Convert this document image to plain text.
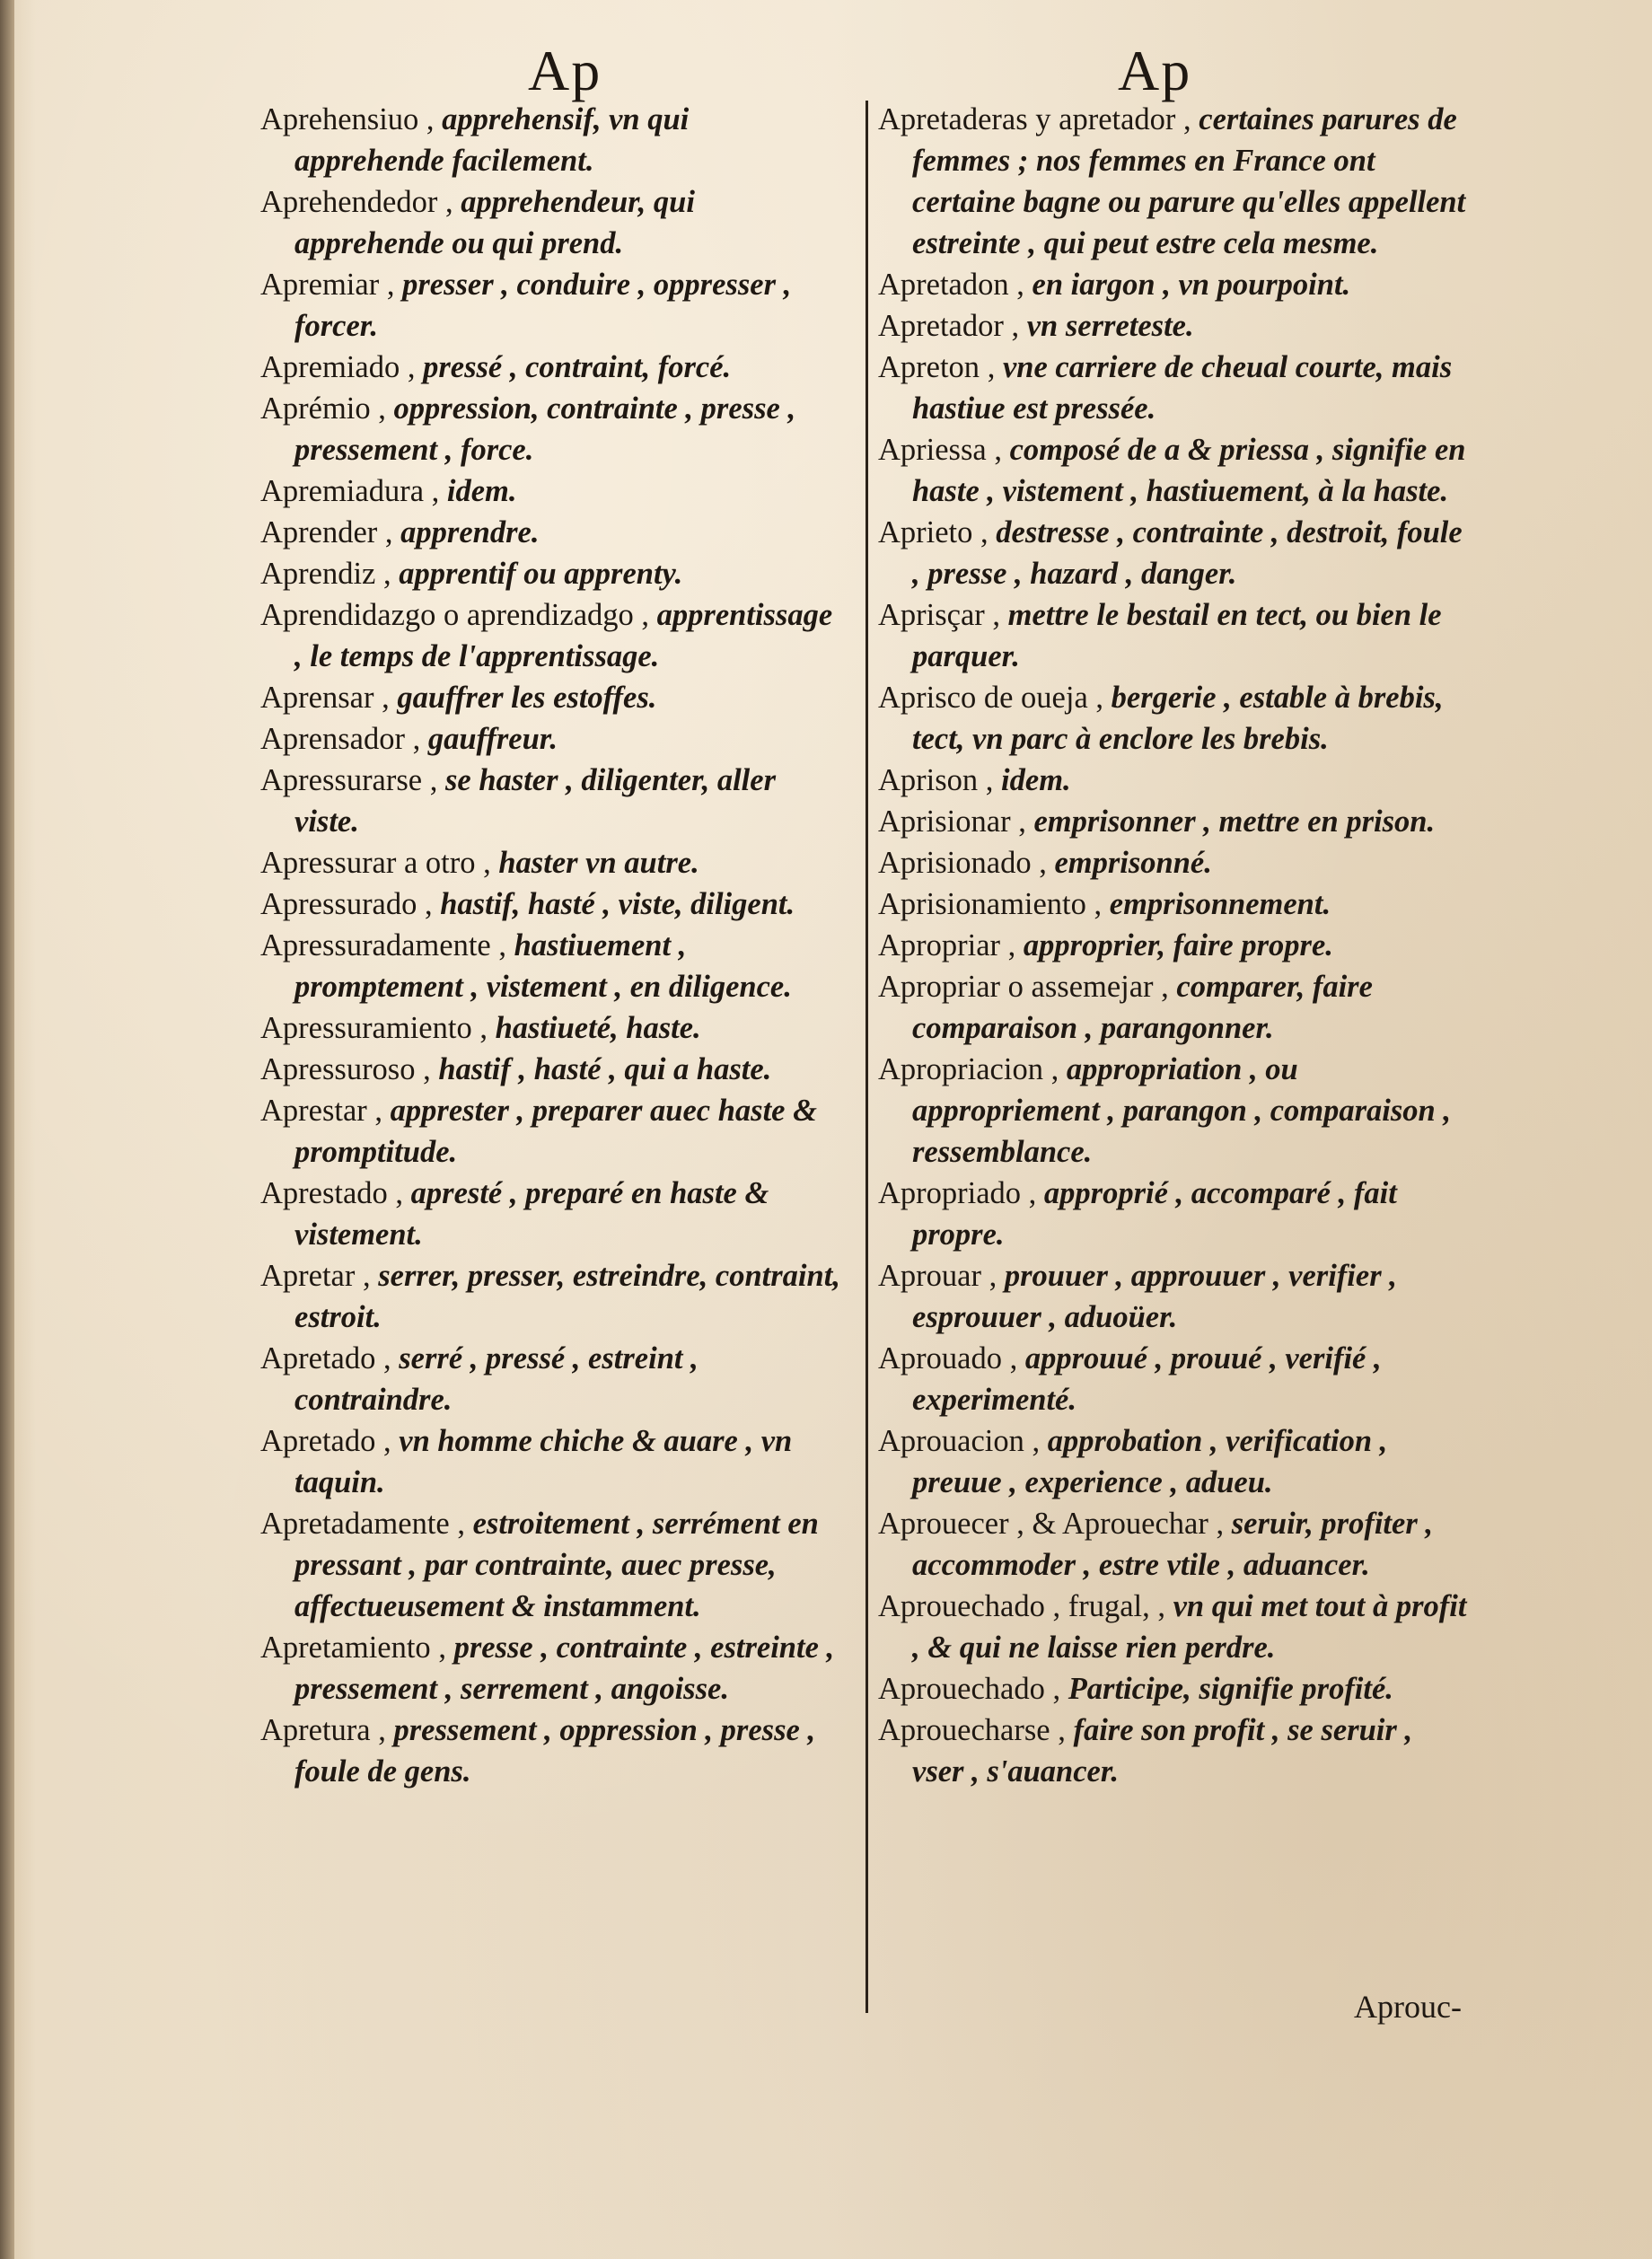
Ap	Ap

Aprehensiuo , apprehensif, vn qui apprehende facilement.

Aprehendedor , apprehendeur, qui apprehende ou qui prend.

Apremiar , presser , conduire , oppresser , forcer.

Apremiado , pressé , contraint, forcé.

Aprémio , oppression, contrainte , presse , pressement , force.

Apremiadura , idem.

Aprender , apprendre.

Aprendiz , apprentif ou apprenty.

Aprendidazgo o aprendizadgo , apprentissage , le temps de l'apprentissage.

Aprensar , gauffrer les estoffes.

Aprensador , gauffreur.

Apressurarse , se haster , diligenter, aller viste.

Apressurar a otro , haster vn autre.

Apressurado , hastif, hasté , viste, diligent.

Apressuradamente , hastiuement , promptement , vistement , en diligence.

Apressuramiento , hastiueté, haste.

Apressuroso , hastif , hasté , qui a haste.

Aprestar , apprester , preparer auec haste & promptitude.

Aprestado , apresté , preparé en haste & vistement.

Apretar , serrer, presser, estreindre, contraint, estroit.

Apretado , serré , pressé , estreint , contraindre.

Apretado , vn homme chiche & auare , vn taquin.

Apretadamente , estroitement , serrément en pressant , par contrainte, auec presse, affectueusement & instamment.

Apretamiento , presse , contrainte , estreinte , pressement , serrement , angoisse.

Apretura , pressement , oppression , presse , foule de gens.

Apretaderas y apretador , certaines parures de femmes ; nos femmes en France ont certaine bagne ou parure qu'elles appellent estreinte , qui peut estre cela mesme.

Apretadon , en iargon , vn pourpoint.

Apretador , vn serreteste.

Apreton , vne carriere de cheual courte, mais hastiue est pressée.

Apriessa , composé de a & priessa , signifie en haste , vistement , hastiuement, à la haste.

Aprieto , destresse , contrainte , destroit, foule , presse , hazard , danger.

Aprisçar , mettre le bestail en tect, ou bien le parquer.

Aprisco de oueja , bergerie , estable à brebis, tect, vn parc à enclore les brebis.

Aprison , idem.

Aprisionar , emprisonner , mettre en prison.

Aprisionado , emprisonné.

Aprisionamiento , emprisonnement.

Apropriar , approprier, faire propre.

Apropriar o assemejar , comparer, faire comparaison , parangonner.

Apropriacion , appropriation , ou appropriement , parangon , comparaison , ressemblance.

Apropriado , approprié , accomparé , fait propre.

Aprouar , prouuer , approuuer , verifier , esprouuer , aduoüer.

Aprouado , approuué , prouué , verifié , experimenté.

Aprouacion , approbation , verification , preuue , experience , adueu.

Aprouecer , & Aprouechar , seruir, profiter , accommoder , estre vtile , aduancer.

Aprouechado , frugal, , vn qui met tout à profit , & qui ne laisse rien perdre.

Aprouechado , Participe, signifie profité.

Aprouecharse , faire son profit , se seruir , vser , s'auancer.

Aprouc-
